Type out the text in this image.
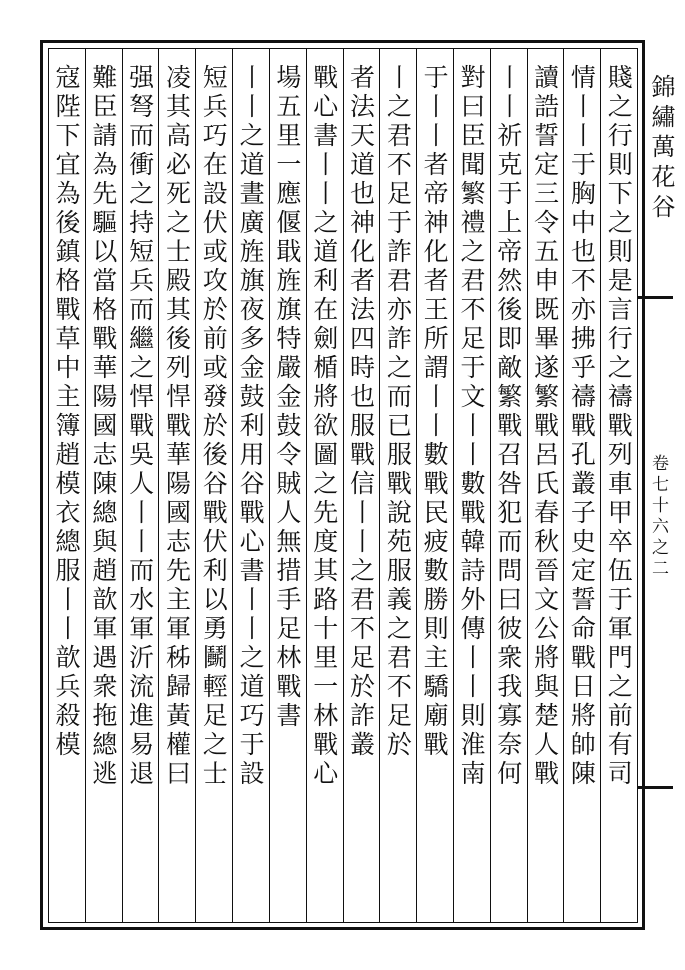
錦繡萬花谷
卷七十六之二

賤之行則下之則是言行之禱戰列車甲卒伍于軍門之前有司

情丨丨于胸中也不亦拂乎禱戰孔叢子史定誓命戰日將帥陳

讀誥誓定三令五申既畢遂繁戰呂氏春秋晉文公將與楚人戰

丨丨祈克于上帝然後即敵繁戰召咎犯而問曰彼衆我寡奈何

對曰臣聞繁禮之君不足于文丨丨數戰韓詩外傳丨丨則淮南

于丨丨者帝神化者王所謂丨丨數戰民疲數勝則主驕廟戰

丨之君不足于詐君亦詐之而已服戰說苑服義之君不足於

者法天道也神化者法四時也服戰信丨丨之君不足於詐叢

戰心書丨丨之道利在劍楯將欲圖之先度其路十里一林戰心

場五里一應偃戢旌旗特嚴金鼓令賊人無措手足林戰書

丨丨之道晝廣旌旗夜多金鼓利用谷戰心書丨丨之道巧于設

短兵巧在設伏或攻於前或發於後谷戰伏利以勇鬭輕足之士

凌其高必死之士殿其後列悍戰華陽國志先主軍秭歸黃權曰

强弩而衝之持短兵而繼之悍戰吳人丨丨而水軍沂流進易退

難臣請為先驅以當格戰華陽國志陳總與趙歆軍遇衆拖總逃

寇陛下宜為後鎮格戰草中主簿趙模衣總服丨丨歆兵殺模
